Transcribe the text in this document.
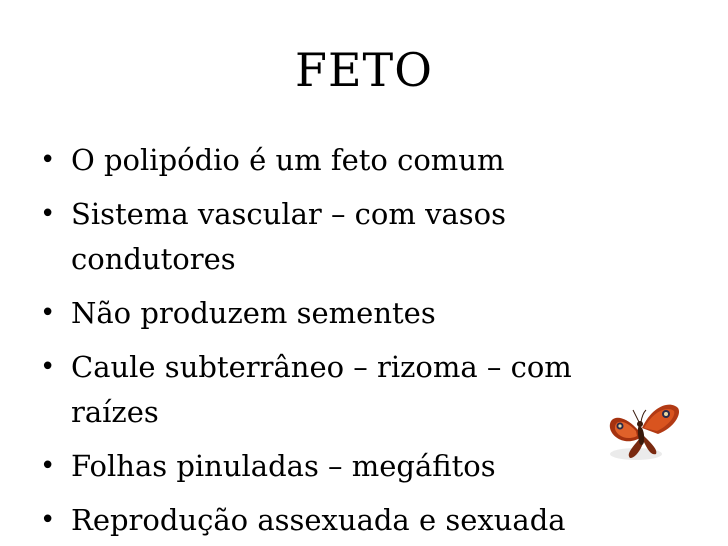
FETO
• O polipódio é um feto comum
• Sistema vascular – com vasos condutores
• Não produzem sementes
• Caule subterrâneo – rizoma – com raízes
• Folhas pinuladas – megáfitos
• Reprodução assexuada e sexuada
